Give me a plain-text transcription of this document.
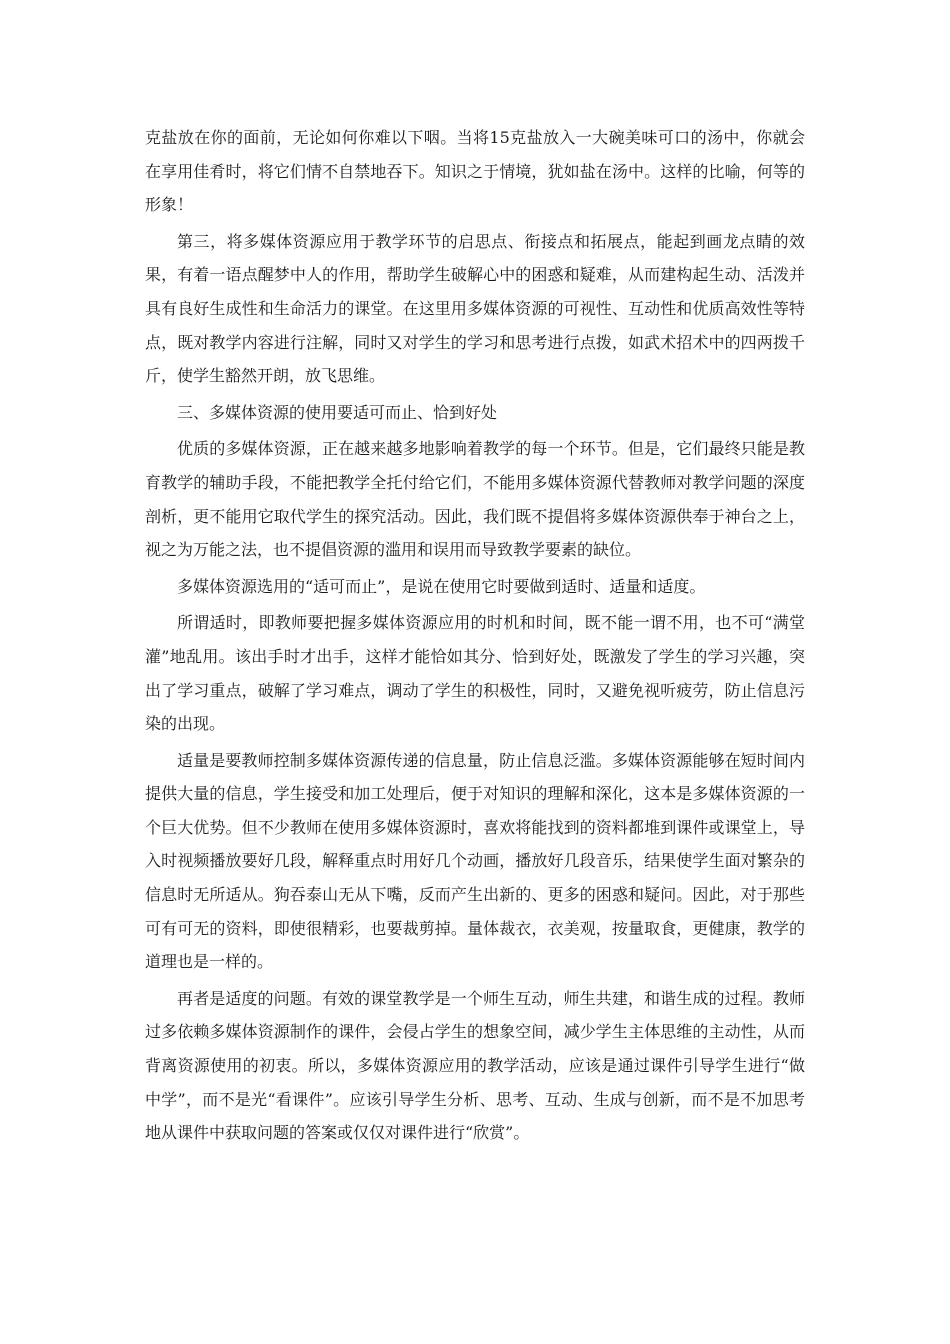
克盐放在你的面前，无论如何你难以下咽。当将15克盐放入一大碗美味可口的汤中，你就会在享用佳肴时，将它们情不自禁地吞下。知识之于情境，犹如盐在汤中。这样的比喻，何等的形象！

第三，将多媒体资源应用于教学环节的启思点、衔接点和拓展点，能起到画龙点睛的效果，有着一语点醒梦中人的作用，帮助学生破解心中的困惑和疑难，从而建构起生动、活泼并具有良好生成性和生命活力的课堂。在这里用多媒体资源的可视性、互动性和优质高效性等特点，既对教学内容进行注解，同时又对学生的学习和思考进行点拨，如武术招术中的四两拨千斤，使学生豁然开朗，放飞思维。

三、多媒体资源的使用要适可而止、恰到好处

优质的多媒体资源，正在越来越多地影响着教学的每一个环节。但是，它们最终只能是教育教学的辅助手段，不能把教学全托付给它们，不能用多媒体资源代替教师对教学问题的深度剖析，更不能用它取代学生的探究活动。因此，我们既不提倡将多媒体资源供奉于神台之上，视之为万能之法，也不提倡资源的滥用和误用而导致教学要素的缺位。

多媒体资源选用的“适可而止”，是说在使用它时要做到适时、适量和适度。

所谓适时，即教师要把握多媒体资源应用的时机和时间，既不能一谓不用，也不可“满堂灌”地乱用。该出手时才出手，这样才能恰如其分、恰到好处，既激发了学生的学习兴趣，突出了学习重点，破解了学习难点，调动了学生的积极性，同时，又避免视听疲劳，防止信息污染的出现。

适量是要教师控制多媒体资源传递的信息量，防止信息泛滥。多媒体资源能够在短时间内提供大量的信息，学生接受和加工处理后，便于对知识的理解和深化，这本是多媒体资源的一个巨大优势。但不少教师在使用多媒体资源时，喜欢将能找到的资料都堆到课件或课堂上，导入时视频播放要好几段，解释重点时用好几个动画，播放好几段音乐，结果使学生面对繁杂的信息时无所适从。狗吞泰山无从下嘴，反而产生出新的、更多的困惑和疑问。因此，对于那些可有可无的资料，即使很精彩，也要裁剪掉。量体裁衣，衣美观，按量取食，更健康，教学的道理也是一样的。

再者是适度的问题。有效的课堂教学是一个师生互动，师生共建，和谐生成的过程。教师过多依赖多媒体资源制作的课件，会侵占学生的想象空间，减少学生主体思维的主动性，从而背离资源使用的初衷。所以，多媒体资源应用的教学活动，应该是通过课件引导学生进行“做中学”，而不是光“看课件”。应该引导学生分析、思考、互动、生成与创新，而不是不加思考地从课件中获取问题的答案或仅仅对课件进行“欣赏”。
